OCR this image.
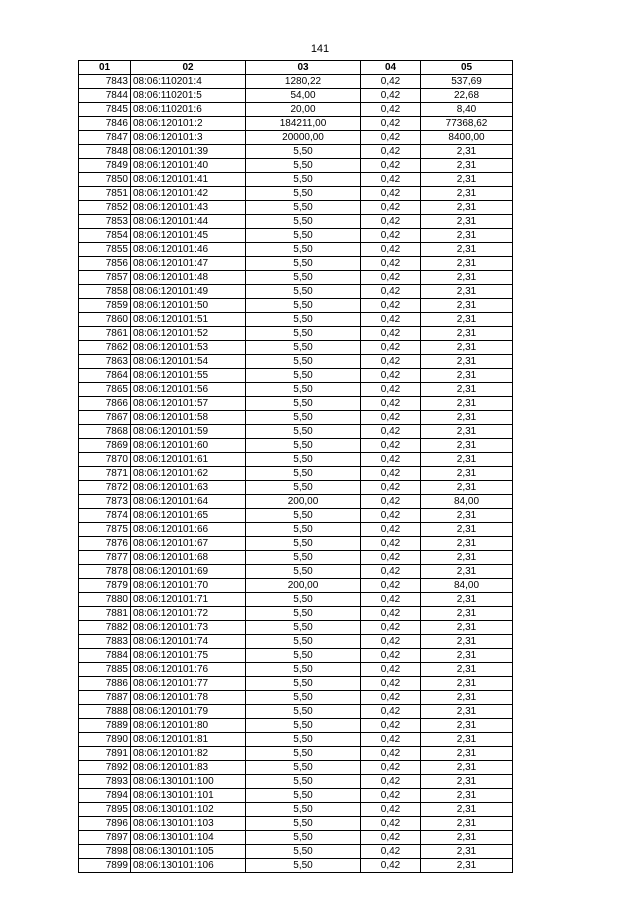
141
01	02	03	04	05
7843	08:06:110201:4	1280,22	0,42	537,69
7844	08:06:110201:5	54,00	0,42	22,68
7845	08:06:110201:6	20,00	0,42	8,40
7846	08:06:120101:2	184211,00	0,42	77368,62
7847	08:06:120101:3	20000,00	0,42	8400,00
7848	08:06:120101:39	5,50	0,42	2,31
7849	08:06:120101:40	5,50	0,42	2,31
7850	08:06:120101:41	5,50	0,42	2,31
7851	08:06:120101:42	5,50	0,42	2,31
7852	08:06:120101:43	5,50	0,42	2,31
7853	08:06:120101:44	5,50	0,42	2,31
7854	08:06:120101:45	5,50	0,42	2,31
7855	08:06:120101:46	5,50	0,42	2,31
7856	08:06:120101:47	5,50	0,42	2,31
7857	08:06:120101:48	5,50	0,42	2,31
7858	08:06:120101:49	5,50	0,42	2,31
7859	08:06:120101:50	5,50	0,42	2,31
7860	08:06:120101:51	5,50	0,42	2,31
7861	08:06:120101:52	5,50	0,42	2,31
7862	08:06:120101:53	5,50	0,42	2,31
7863	08:06:120101:54	5,50	0,42	2,31
7864	08:06:120101:55	5,50	0,42	2,31
7865	08:06:120101:56	5,50	0,42	2,31
7866	08:06:120101:57	5,50	0,42	2,31
7867	08:06:120101:58	5,50	0,42	2,31
7868	08:06:120101:59	5,50	0,42	2,31
7869	08:06:120101:60	5,50	0,42	2,31
7870	08:06:120101:61	5,50	0,42	2,31
7871	08:06:120101:62	5,50	0,42	2,31
7872	08:06:120101:63	5,50	0,42	2,31
7873	08:06:120101:64	200,00	0,42	84,00
7874	08:06:120101:65	5,50	0,42	2,31
7875	08:06:120101:66	5,50	0,42	2,31
7876	08:06:120101:67	5,50	0,42	2,31
7877	08:06:120101:68	5,50	0,42	2,31
7878	08:06:120101:69	5,50	0,42	2,31
7879	08:06:120101:70	200,00	0,42	84,00
7880	08:06:120101:71	5,50	0,42	2,31
7881	08:06:120101:72	5,50	0,42	2,31
7882	08:06:120101:73	5,50	0,42	2,31
7883	08:06:120101:74	5,50	0,42	2,31
7884	08:06:120101:75	5,50	0,42	2,31
7885	08:06:120101:76	5,50	0,42	2,31
7886	08:06:120101:77	5,50	0,42	2,31
7887	08:06:120101:78	5,50	0,42	2,31
7888	08:06:120101:79	5,50	0,42	2,31
7889	08:06:120101:80	5,50	0,42	2,31
7890	08:06:120101:81	5,50	0,42	2,31
7891	08:06:120101:82	5,50	0,42	2,31
7892	08:06:120101:83	5,50	0,42	2,31
7893	08:06:130101:100	5,50	0,42	2,31
7894	08:06:130101:101	5,50	0,42	2,31
7895	08:06:130101:102	5,50	0,42	2,31
7896	08:06:130101:103	5,50	0,42	2,31
7897	08:06:130101:104	5,50	0,42	2,31
7898	08:06:130101:105	5,50	0,42	2,31
7899	08:06:130101:106	5,50	0,42	2,31
